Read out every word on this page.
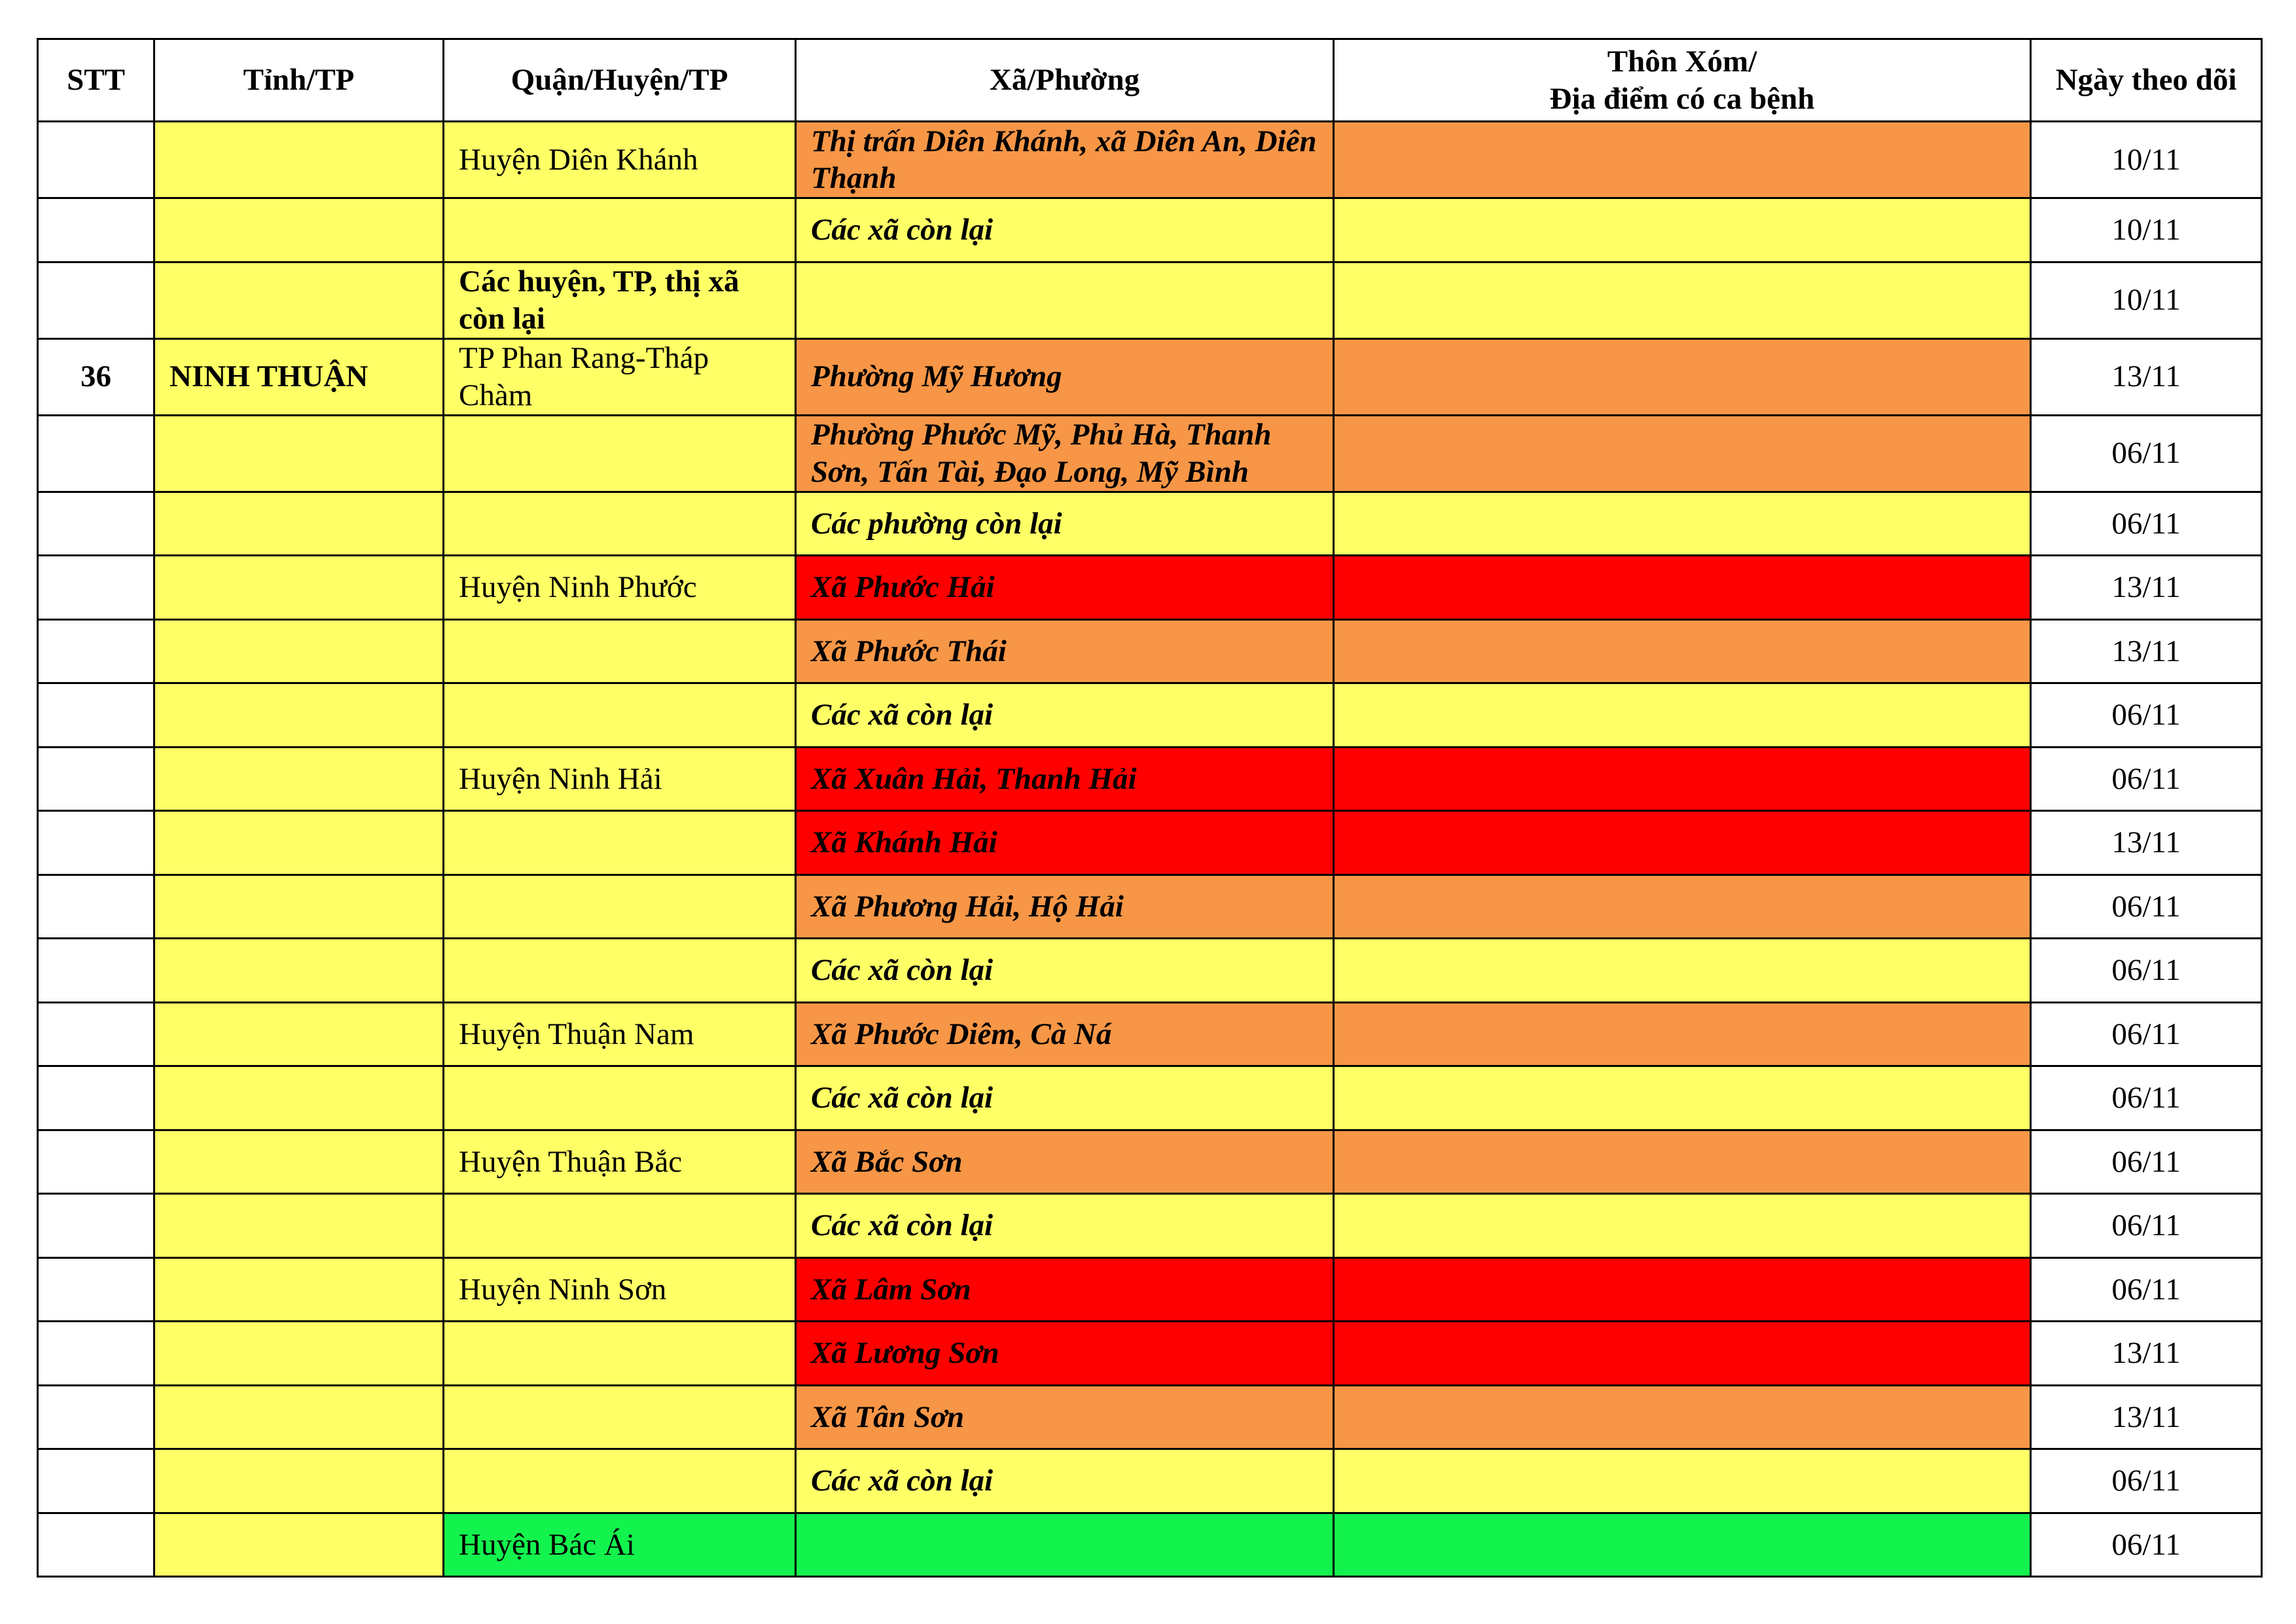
STT	Tỉnh/TP	Quận/Huyện/TP	Xã/Phường	Thôn Xóm/
Địa điểm có ca bệnh	Ngày theo dõi
		Huyện Diên Khánh	Thị trấn Diên Khánh, xã Diên An, Diên Thạnh		10/11
			Các xã còn lại		10/11
		Các huyện, TP, thị xã còn lại			10/11
36	NINH THUẬN	TP Phan Rang-Tháp Chàm	Phường Mỹ Hương		13/11
			Phường Phước Mỹ, Phủ Hà, Thanh Sơn, Tấn Tài, Đạo Long, Mỹ Bình		06/11
			Các phường còn lại		06/11
		Huyện Ninh Phước	Xã Phước Hải		13/11
			Xã Phước Thái		13/11
			Các xã còn lại		06/11
		Huyện Ninh Hải	Xã Xuân Hải, Thanh Hải		06/11
			Xã Khánh Hải		13/11
			Xã Phương Hải, Hộ Hải		06/11
			Các xã còn lại		06/11
		Huyện Thuận Nam	Xã Phước Diêm, Cà Ná		06/11
			Các xã còn lại		06/11
		Huyện Thuận Bắc	Xã Bắc Sơn		06/11
			Các xã còn lại		06/11
		Huyện Ninh Sơn	Xã Lâm Sơn		06/11
			Xã Lương Sơn		13/11
			Xã Tân Sơn		13/11
			Các xã còn lại		06/11
		Huyện Bác Ái			06/11
